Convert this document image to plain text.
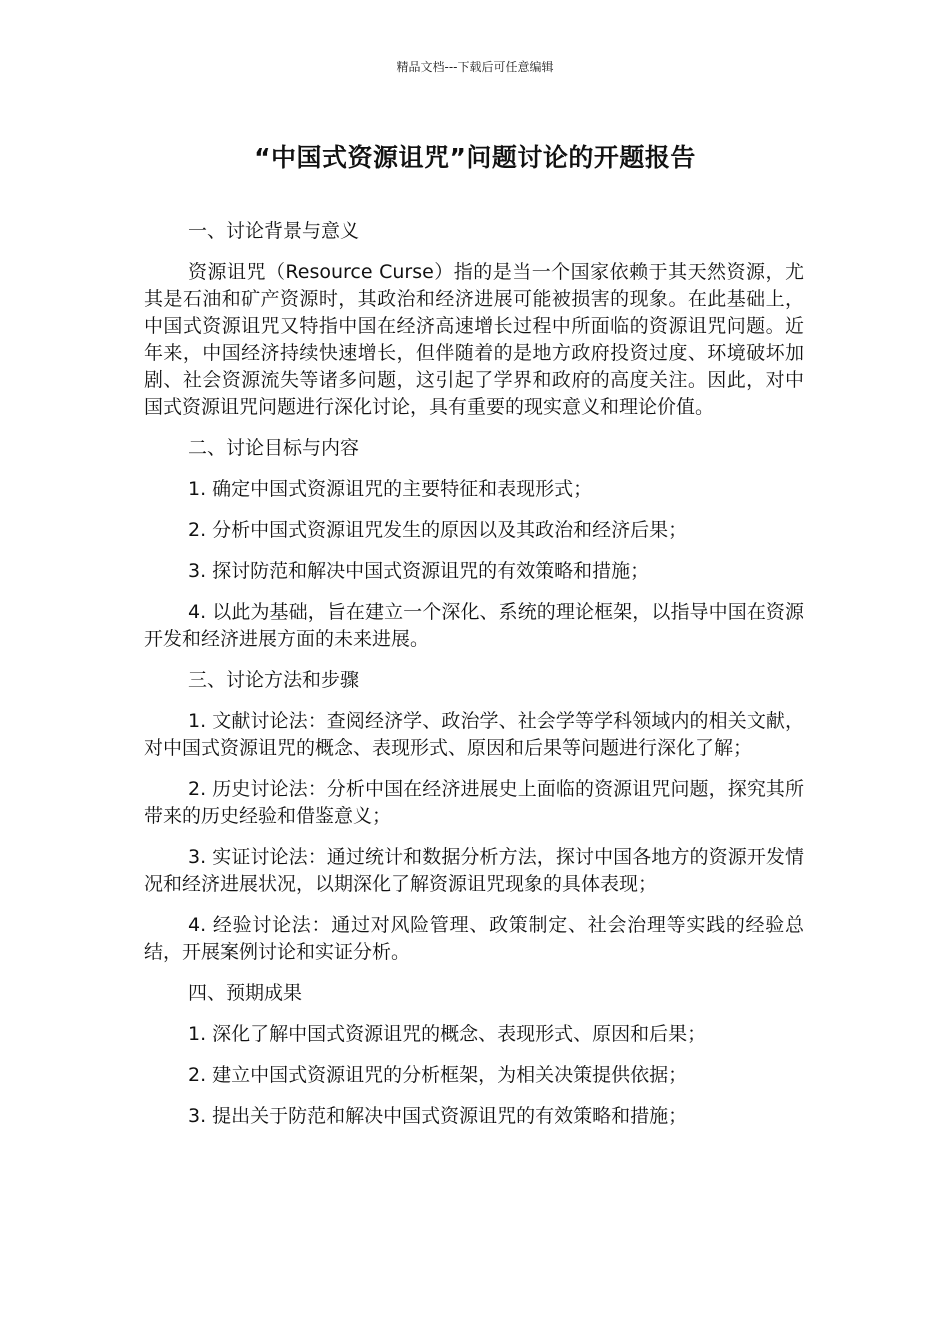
精品文档---下载后可任意编辑
“中国式资源诅咒”问题讨论的开题报告

一、讨论背景与意义

资源诅咒（Resource Curse）指的是当一个国家依赖于其天然资源，尤其是石油和矿产资源时，其政治和经济进展可能被损害的现象。在此基础上，中国式资源诅咒又特指中国在经济高速增长过程中所面临的资源诅咒问题。近年来，中国经济持续快速增长，但伴随着的是地方政府投资过度、环境破坏加剧、社会资源流失等诸多问题，这引起了学界和政府的高度关注。因此，对中国式资源诅咒问题进行深化讨论，具有重要的现实意义和理论价值。

二、讨论目标与内容

1. 确定中国式资源诅咒的主要特征和表现形式；

2. 分析中国式资源诅咒发生的原因以及其政治和经济后果；

3. 探讨防范和解决中国式资源诅咒的有效策略和措施；

4. 以此为基础，旨在建立一个深化、系统的理论框架，以指导中国在资源开发和经济进展方面的未来进展。

三、讨论方法和步骤

1. 文献讨论法：查阅经济学、政治学、社会学等学科领域内的相关文献，对中国式资源诅咒的概念、表现形式、原因和后果等问题进行深化了解；

2. 历史讨论法：分析中国在经济进展史上面临的资源诅咒问题，探究其所带来的历史经验和借鉴意义；

3. 实证讨论法：通过统计和数据分析方法，探讨中国各地方的资源开发情况和经济进展状况，以期深化了解资源诅咒现象的具体表现；

4. 经验讨论法：通过对风险管理、政策制定、社会治理等实践的经验总结，开展案例讨论和实证分析。

四、预期成果

1. 深化了解中国式资源诅咒的概念、表现形式、原因和后果；

2. 建立中国式资源诅咒的分析框架，为相关决策提供依据；

3. 提出关于防范和解决中国式资源诅咒的有效策略和措施；
